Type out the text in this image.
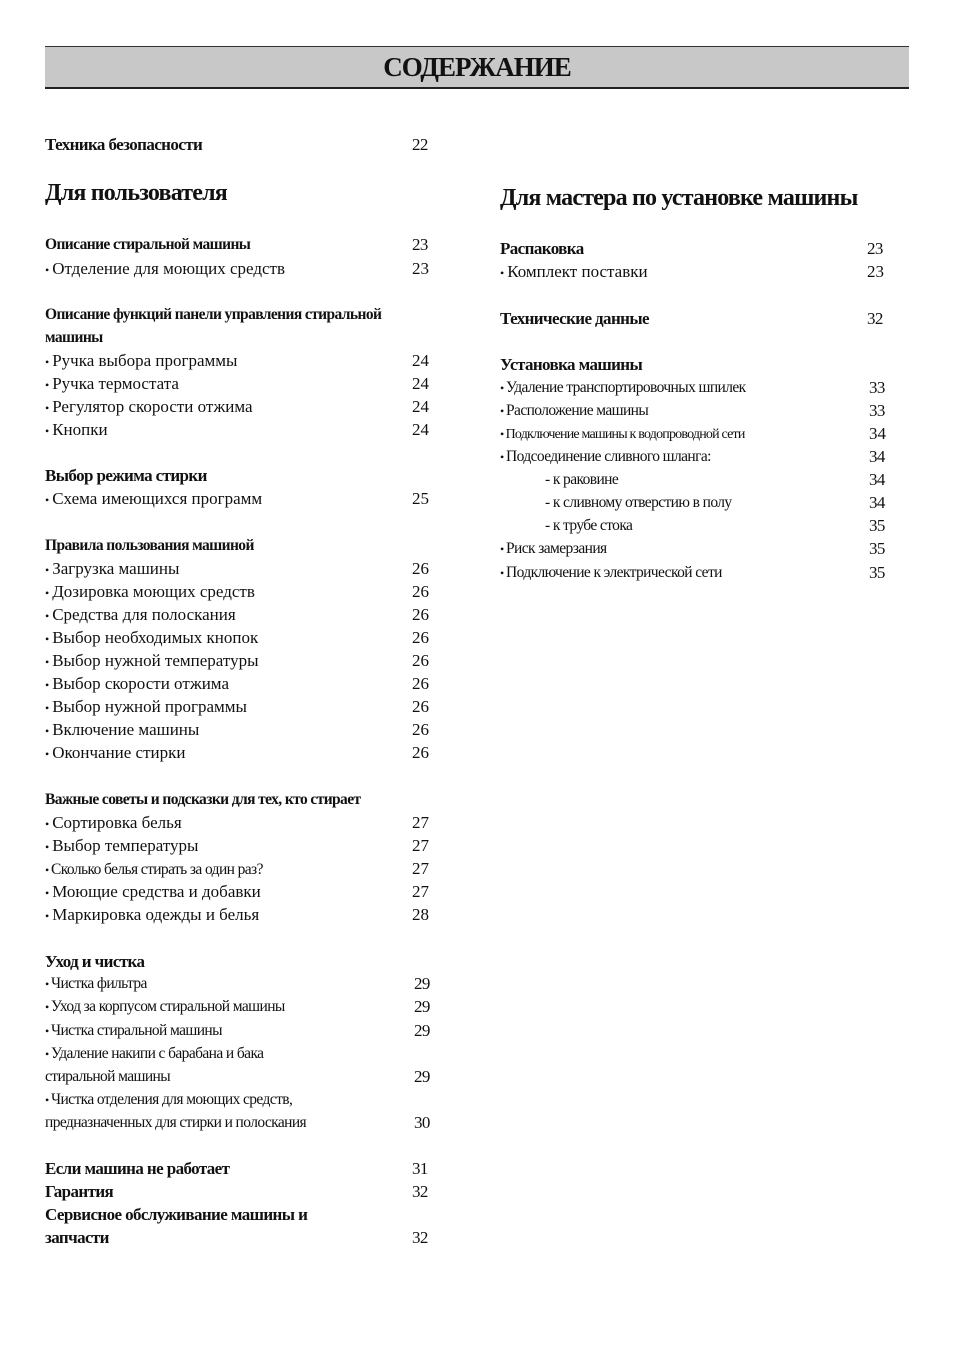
СОДЕРЖАНИЕ
Техника безопасности	22
Для пользователя
Описание стиральной машины	23
• Отделение для моющих средств	23
Описание функций панели управления стиральной
машины
• Ручка выбора программы	24
• Ручка термостата	24
• Регулятор скорости отжима	24
• Кнопки	24
Выбор режима стирки
• Схема имеющихся программ	25
Правила пользования машиной
• Загрузка машины	26
• Дозировка моющих средств	26
• Средства для полоскания	26
• Выбор необходимых кнопок	26
• Выбор нужной температуры	26
• Выбор скорости отжима	26
• Выбор нужной программы	26
• Включение машины	26
• Окончание стирки	26
Важные советы и подсказки для тех, кто стирает
• Сортировка белья	27
• Выбор температуры	27
• Сколько белья стирать за один раз?	27
• Моющие средства и добавки	27
• Маркировка одежды и белья	28
Уход и чистка
• Чистка фильтра	29
• Уход за корпусом стиральной машины	29
• Чистка стиральной машины	29
• Удаление накипи с барабана и бака
стиральной машины	29
• Чистка отделения для моющих средств,
предназначенных для стирки и полоскания	30
Если машина не работает	31
Гарантия	32
Сервисное обслуживание машины и
запчасти	32
Для мастера по установке машины
Распаковка	23
• Комплект поставки	23
Технические данные	32
Установка машины
• Удаление транспортировочных шпилек	33
• Расположение машины	33
• Подключение машины к водопроводной сети	34
• Подсоединение сливного шланга:	34
- к раковине	34
- к сливному отверстию в полу	34
- к трубе стока	35
• Риск замерзания	35
• Подключение к электрической сети	35
